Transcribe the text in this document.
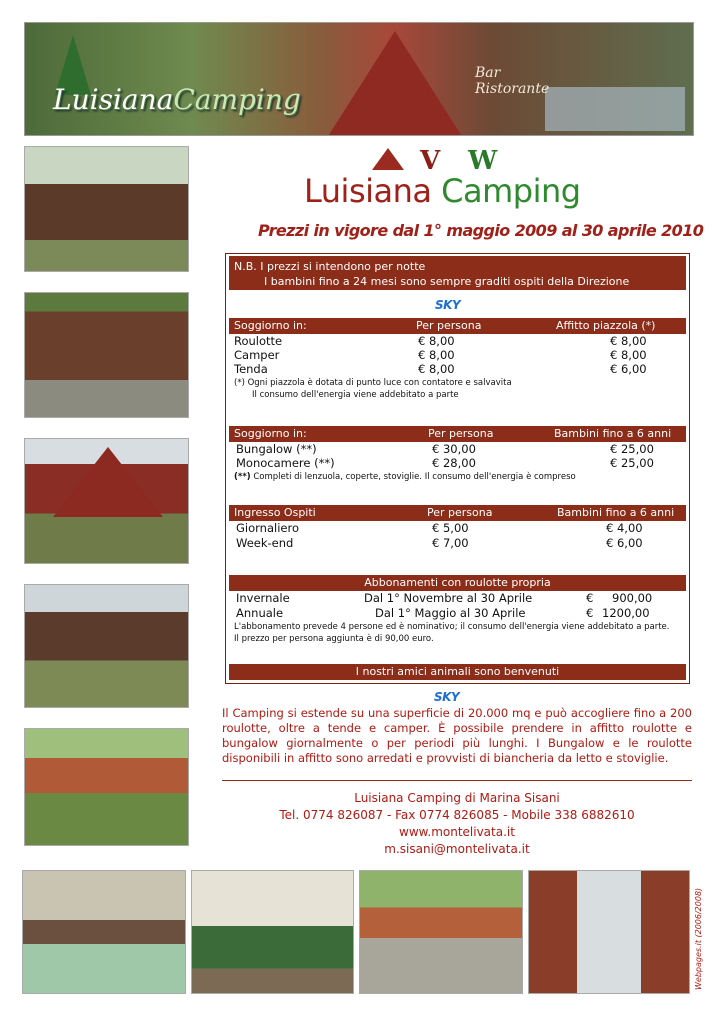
LuisianaCamping
Bar
Ristorante
V W
Luisiana Camping
Prezzi in vigore dal 1° maggio 2009 al 30 aprile 2010
N.B. I prezzi si intendono per notte
I bambini fino a 24 mesi sono sempre graditi ospiti della Direzione
SKY
Soggiorno in:	Per persona	Affitto piazzola (*)
Roulotte	€ 8,00	€ 8,00
Camper	€ 8,00	€ 8,00
Tenda	€ 8,00	€ 6,00
(*) Ogni piazzola è dotata di punto luce con contatore e salvavita
Il consumo dell'energia viene addebitato a parte
Soggiorno in:	Per persona	Bambini fino a 6 anni
Bungalow (**)	€ 30,00	€ 25,00
Monocamere (**)	€ 28,00	€ 25,00
(**) Completi di lenzuola, coperte, stoviglie. Il consumo dell'energia è compreso
Ingresso Ospiti	Per persona	Bambini fino a 6 anni
Giornaliero	€ 5,00	€ 4,00
Week-end	€ 7,00	€ 6,00
Abbonamenti con roulotte propria
Invernale	Dal 1° Novembre al 30 Aprile	€ 900,00
Annuale	Dal 1° Maggio al 30 Aprile	€ 1200,00
L'abbonamento prevede 4 persone ed è nominativo; il consumo dell'energia viene addebitato a parte.
Il prezzo per persona aggiunta è di 90,00 euro.
I nostri amici animali sono benvenuti
SKY
Il Camping si estende su una superficie di 20.000 mq e può accogliere fino a 200 roulotte, oltre a tende e camper. È possibile prendere in affitto roulotte e bungalow giornalmente o per periodi più lunghi. I Bungalow e le roulotte disponibili in affitto sono arredati e provvisti di biancheria da letto e stoviglie.
Luisiana Camping di Marina Sisani
Tel. 0774 826087 - Fax 0774 826085 - Mobile 338 6882610
www.montelivata.it
m.sisani@montelivata.it
Webpages.it (2006/2008)
